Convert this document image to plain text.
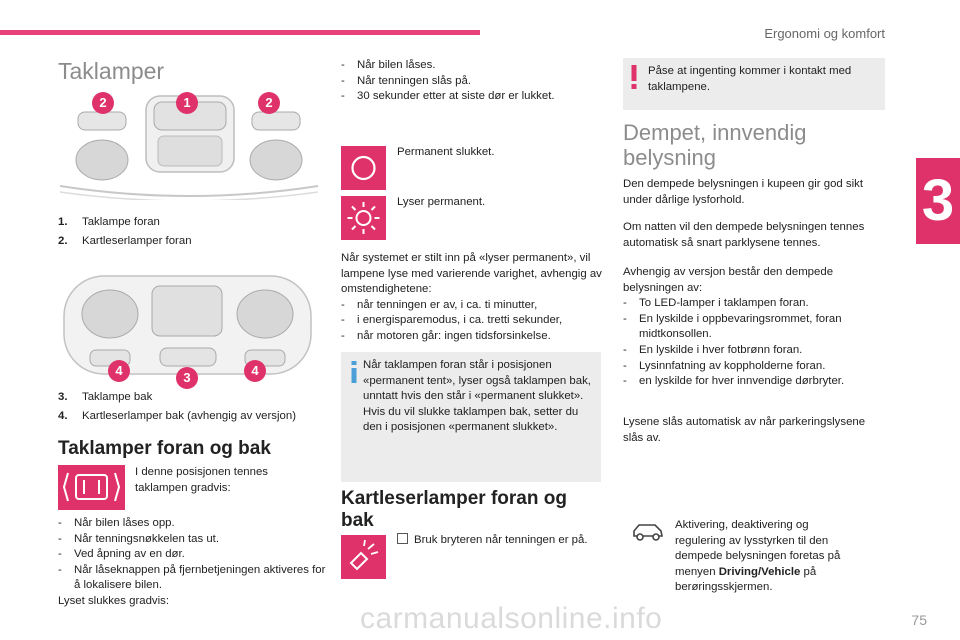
Ergonomi og komfort
3
75
carmanualsonline.info
Taklamper
2	1	2

1. Taklampe foran

2. Kartleserlamper foran

4	3	4

3. Taklampe bak

4. Kartleserlamper bak (avhengig av versjon)

Taklamper foran og bak
I denne posisjonen tennes taklampen gradvis:

- Når bilen låses opp.

- Når tenningsnøkkelen tas ut.

- Ved åpning av en dør.

- Når låseknappen på fjernbetjeningen aktiveres for å lokalisere bilen.

Lyset slukkes gradvis:

- Når bilen låses.

- Når tenningen slås på.

- 30 sekunder etter at siste dør er lukket.

Permanent slukket.
Lyser permanent.

Når systemet er stilt inn på «lyser permanent», vil lampene lyse med varierende varighet, avhengig av omstendighetene:

- når tenningen er av, i ca. ti minutter,

- i energisparemodus, i ca. tretti sekunder,

- når motoren går: ingen tidsforsinkelse.

Når taklampen foran står i posisjonen «permanent tent», lyser også taklampen bak, unntatt hvis den står i «permanent slukket».

Hvis du vil slukke taklampen bak, setter du den i posisjonen «permanent slukket».

Kartleserlamper foran og bak
Bruk bryteren når tenningen er på.
Påse at ingenting kommer i kontakt med taklampene.
Dempet, innvendig belysning
Den dempede belysningen i kupeen gir god sikt under dårlige lysforhold.
Om natten vil den dempede belysningen tennes automatisk så snart parklysene tennes.

Avhengig av versjon består den dempede belysningen av:

- To LED-lamper i taklampen foran.

- En lyskilde i oppbevaringsrommet, foran midtkonsollen.

- En lyskilde i hver fotbrønn foran.

- Lysinnfatning av koppholderne foran.

- en lyskilde for hver innvendige dørbryter.

Lysene slås automatisk av når parkeringslysene slås av.
Aktivering, deaktivering og regulering av lysstyrken til den dempede belysningen foretas på menyen Driving/Vehicle på berøringsskjermen.
